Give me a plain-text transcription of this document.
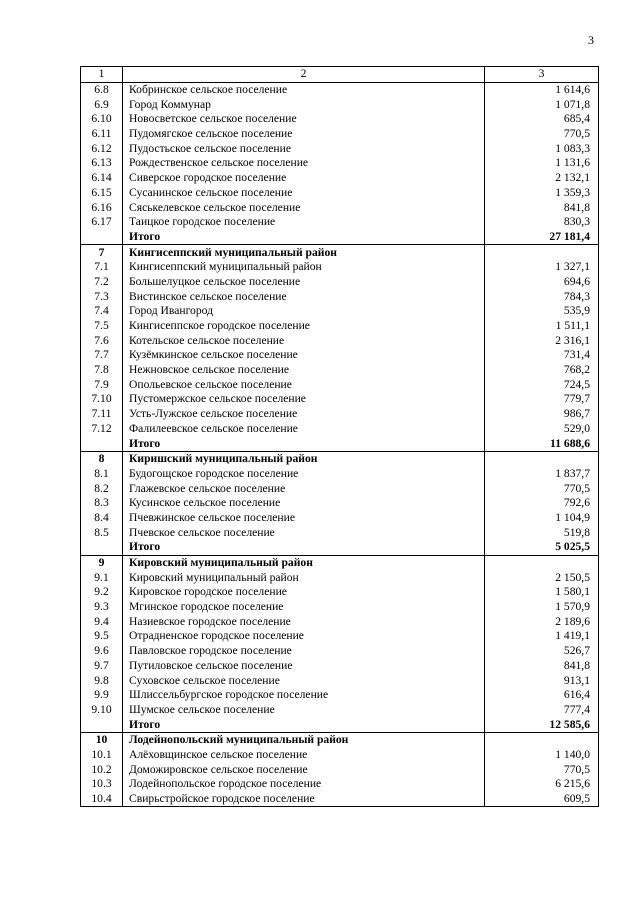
3
1	2	3
6.8	Кобринское сельское поселение	1 614,6
6.9	Город Коммунар	1 071,8
6.10	Новосветское сельское поселение	685,4
6.11	Пудомягское сельское поселение	770,5
6.12	Пудостьское сельское поселение	1 083,3
6.13	Рождественское сельское поселение	1 131,6
6.14	Сиверское городское поселение	2 132,1
6.15	Сусанинское сельское поселение	1 359,3
6.16	Сяськелевское сельское поселение	841,8
6.17	Таицкое городское поселение	830,3
	Итого	27 181,4
7	Кингисеппский муниципальный район	
7.1	Кингисеппский муниципальный район	1 327,1
7.2	Большелуцкое сельское поселение	694,6
7.3	Вистинское сельское поселение	784,3
7.4	Город Ивангород	535,9
7.5	Кингисеппское городское поселение	1 511,1
7.6	Котельское сельское поселение	2 316,1
7.7	Кузёмкинское сельское поселение	731,4
7.8	Нежновское сельское поселение	768,2
7.9	Опольевское сельское поселение	724,5
7.10	Пустомержское сельское поселение	779,7
7.11	Усть-Лужское сельское поселение	986,7
7.12	Фалилеевское сельское поселение	529,0
	Итого	11 688,6
8	Киришский муниципальный район	
8.1	Будогощское городское поселение	1 837,7
8.2	Глажевское сельское поселение	770,5
8.3	Кусинское сельское поселение	792,6
8.4	Пчевжинское сельское поселение	1 104,9
8.5	Пчевское сельское поселение	519,8
	Итого	5 025,5
9	Кировский муниципальный район	
9.1	Кировский муниципальный район	2 150,5
9.2	Кировское городское поселение	1 580,1
9.3	Мгинское городское поселение	1 570,9
9.4	Назиевское городское поселение	2 189,6
9.5	Отрадненское городское поселение	1 419,1
9.6	Павловское городское поселение	526,7
9.7	Путиловское сельское поселение	841,8
9.8	Суховское сельское поселение	913,1
9.9	Шлиссельбургское городское поселение	616,4
9.10	Шумское сельское поселение	777,4
	Итого	12 585,6
10	Лодейнопольский муниципальный район	
10.1	Алёховщинское сельское поселение	1 140,0
10.2	Доможировское сельское поселение	770,5
10.3	Лодейнопольское городское поселение	6 215,6
10.4	Свирьстройское городское поселение	609,5
